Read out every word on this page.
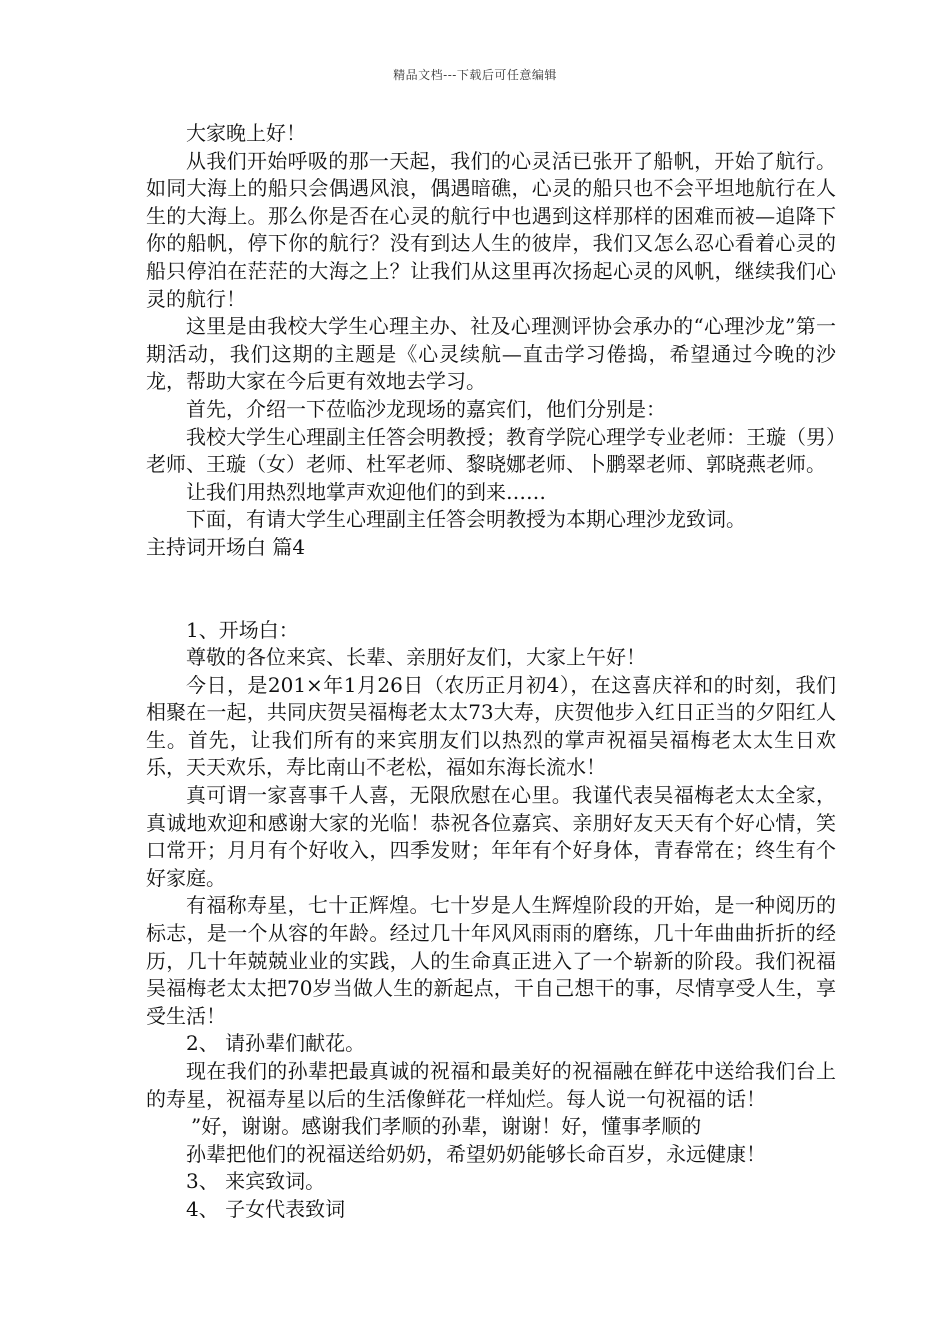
精品文档---下载后可任意编辑

大家晚上好！

从我们开始呼吸的那一天起，我们的心灵活已张开了船帆，开始了航行。如同大海上的船只会偶遇风浪，偶遇暗礁，心灵的船只也不会平坦地航行在人生的大海上。那么你是否在心灵的航行中也遇到这样那样的困难而被—追降下你的船帆，停下你的航行？没有到达人生的彼岸，我们又怎么忍心看着心灵的船只停泊在茫茫的大海之上？让我们从这里再次扬起心灵的风帆，继续我们心灵的航行！

这里是由我校大学生心理主办、社及心理测评协会承办的“心理沙龙”第一期活动，我们这期的主题是《心灵续航—直击学习倦捣，希望通过今晚的沙龙，帮助大家在今后更有效地去学习。

首先，介绍一下莅临沙龙现场的嘉宾们，他们分别是：

我校大学生心理副主任答会明教授；教育学院心理学专业老师：王璇（男）老师、王璇（女）老师、杜军老师、黎晓娜老师、卜鹏翠老师、郭晓燕老师。

让我们用热烈地掌声欢迎他们的到来……

下面，有请大学生心理副主任答会明教授为本期心理沙龙致词。

主持词开场白 篇4

1、开场白：

尊敬的各位来宾、长辈、亲朋好友们，大家上午好！

今日，是201×年1月26日（农历正月初4），在这喜庆祥和的时刻，我们相聚在一起，共同庆贺吴福梅老太太73大寿，庆贺他步入红日正当的夕阳红人生。首先，让我们所有的来宾朋友们以热烈的掌声祝福吴福梅老太太生日欢乐，天天欢乐，寿比南山不老松，福如东海长流水！

真可谓一家喜事千人喜，无限欣慰在心里。我谨代表吴福梅老太太全家，真诚地欢迎和感谢大家的光临！恭祝各位嘉宾、亲朋好友天天有个好心情，笑口常开；月月有个好收入，四季发财；年年有个好身体，青春常在；终生有个好家庭。

有福称寿星，七十正辉煌。七十岁是人生辉煌阶段的开始，是一种阅历的标志，是一个从容的年龄。经过几十年风风雨雨的磨练，几十年曲曲折折的经历，几十年兢兢业业的实践，人的生命真正进入了一个崭新的阶段。我们祝福吴福梅老太太把70岁当做人生的新起点，干自己想干的事，尽情享受人生，享受生活！

2、 请孙辈们献花。

现在我们的孙辈把最真诚的祝福和最美好的祝福融在鲜花中送给我们台上的寿星，祝福寿星以后的生活像鲜花一样灿烂。每人说一句祝福的话！

”好，谢谢。感谢我们孝顺的孙辈，谢谢！好，懂事孝顺的

孙辈把他们的祝福送给奶奶，希望奶奶能够长命百岁，永远健康！

3、 来宾致词。

4、 子女代表致词
